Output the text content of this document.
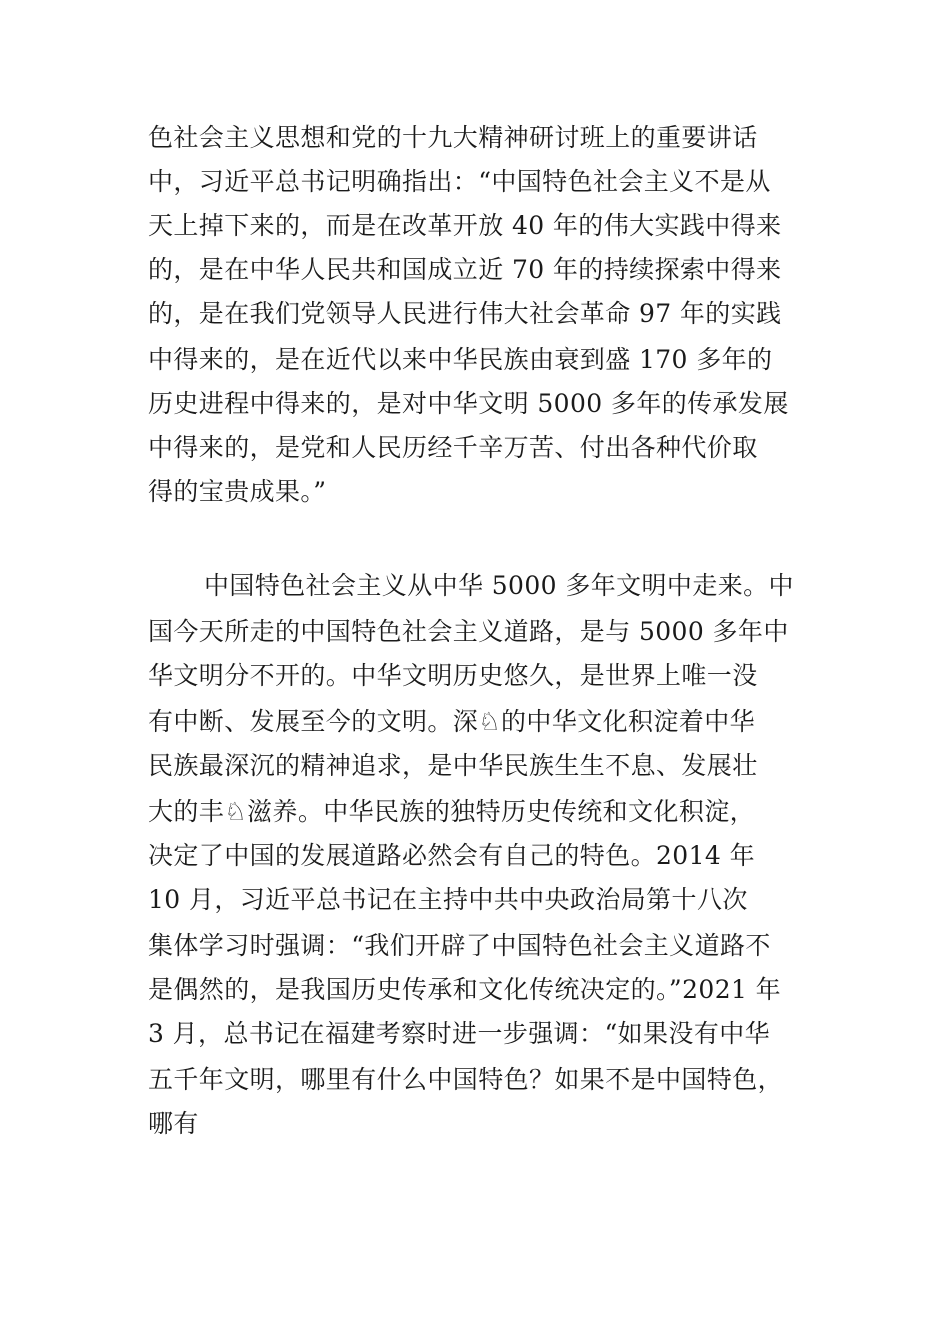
色社会主义思想和党的十九大精神研讨班上的重要讲话
中，习近平总书记明确指出：“中国特色社会主义不是从
天上掉下来的，而是在改革开放 40 年的伟大实践中得来
的，是在中华人民共和国成立近 70 年的持续探索中得来
的，是在我们党领导人民进行伟大社会革命 97 年的实践
中得来的，是在近代以来中华民族由衰到盛 170 多年的
历史进程中得来的，是对中华文明 5000 多年的传承发展
中得来的，是党和人民历经千辛万苦、付出各种代价取
得的宝贵成果。”
中国特色社会主义从中华 5000 多年文明中走来。中
国今天所走的中国特色社会主义道路，是与 5000 多年中
华文明分不开的。中华文明历史悠久，是世界上唯一没
有中断、发展至今的文明。深♘的中华文化积淀着中华
民族最深沉的精神追求，是中华民族生生不息、发展壮
大的丰♘滋养。中华民族的独特历史传统和文化积淀，
决定了中国的发展道路必然会有自己的特色。2014 年
10 月，习近平总书记在主持中共中央政治局第十八次
集体学习时强调：“我们开辟了中国特色社会主义道路不
是偶然的，是我国历史传承和文化传统决定的。”2021 年
3 月，总书记在福建考察时进一步强调：“如果没有中华
五千年文明，哪里有什么中国特色？如果不是中国特色，
哪有
